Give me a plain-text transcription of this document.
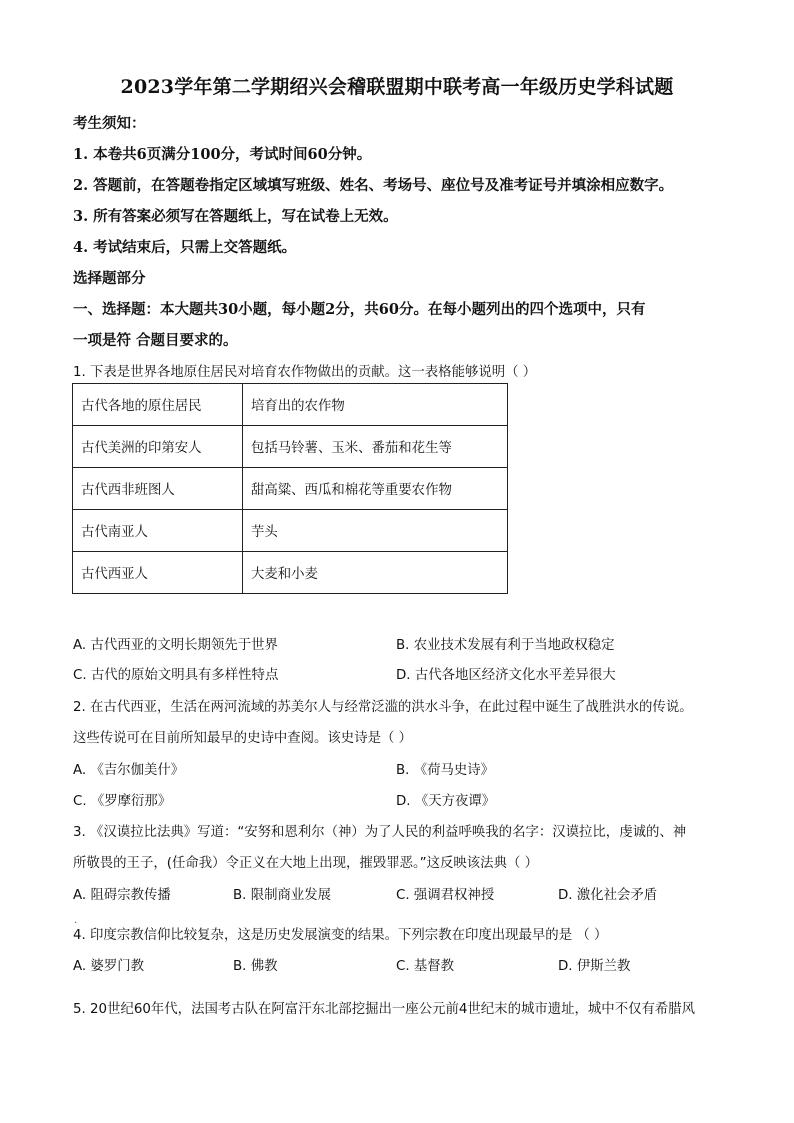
2023学年第二学期绍兴会稽联盟期中联考高一年级历史学科试题
考生须知：
1. 本卷共6页满分100分，考试时间60分钟。
2. 答题前，在答题卷指定区域填写班级、姓名、考场号、座位号及准考证号并填涂相应数字。
3. 所有答案必须写在答题纸上，写在试卷上无效。
4. 考试结束后，只需上交答题纸。
选择题部分
一、选择题：本大题共30小题，每小题2分，共60分。在每小题列出的四个选项中，只有
一项是符 合题目要求的。
1. 下表是世界各地原住居民对培育农作物做出的贡献。这一表格能够说明（ ）
古代各地的原住居民	培育出的农作物
古代美洲的印第安人	包括马铃薯、玉米、番茄和花生等
古代西非班图人	甜高粱、西瓜和棉花等重要农作物
古代南亚人	芋头
古代西亚人	大麦和小麦
A. 古代西亚的文明长期领先于世界	B. 农业技术发展有利于当地政权稳定
C. 古代的原始文明具有多样性特点	D. 古代各地区经济文化水平差异很大
2. 在古代西亚，生活在两河流域的苏美尔人与经常泛滥的洪水斗争，在此过程中诞生了战胜洪水的传说。
这些传说可在目前所知最早的史诗中查阅。该史诗是（ ）
A. 《吉尔伽美什》	B. 《荷马史诗》
C. 《罗摩衍那》	D. 《天方夜谭》
3. 《汉谟拉比法典》写道：“安努和恩利尔（神）为了人民的利益呼唤我的名字：汉谟拉比，虔诚的、神
所敬畏的王子，(任命我）令正义在大地上出现，摧毁罪恶。”这反映该法典（ ）
A. 阻碍宗教传播	B. 限制商业发展	C. 强调君权神授	D. 激化社会矛盾
.
4. 印度宗教信仰比较复杂，这是历史发展演变的结果。下列宗教在印度出现最早的是 （ ）
A. 婆罗门教	B. 佛教	C. 基督教	D. 伊斯兰教
5. 20世纪60年代，法国考古队在阿富汗东北部挖掘出一座公元前4世纪末的城市遗址，城中不仅有希腊风
